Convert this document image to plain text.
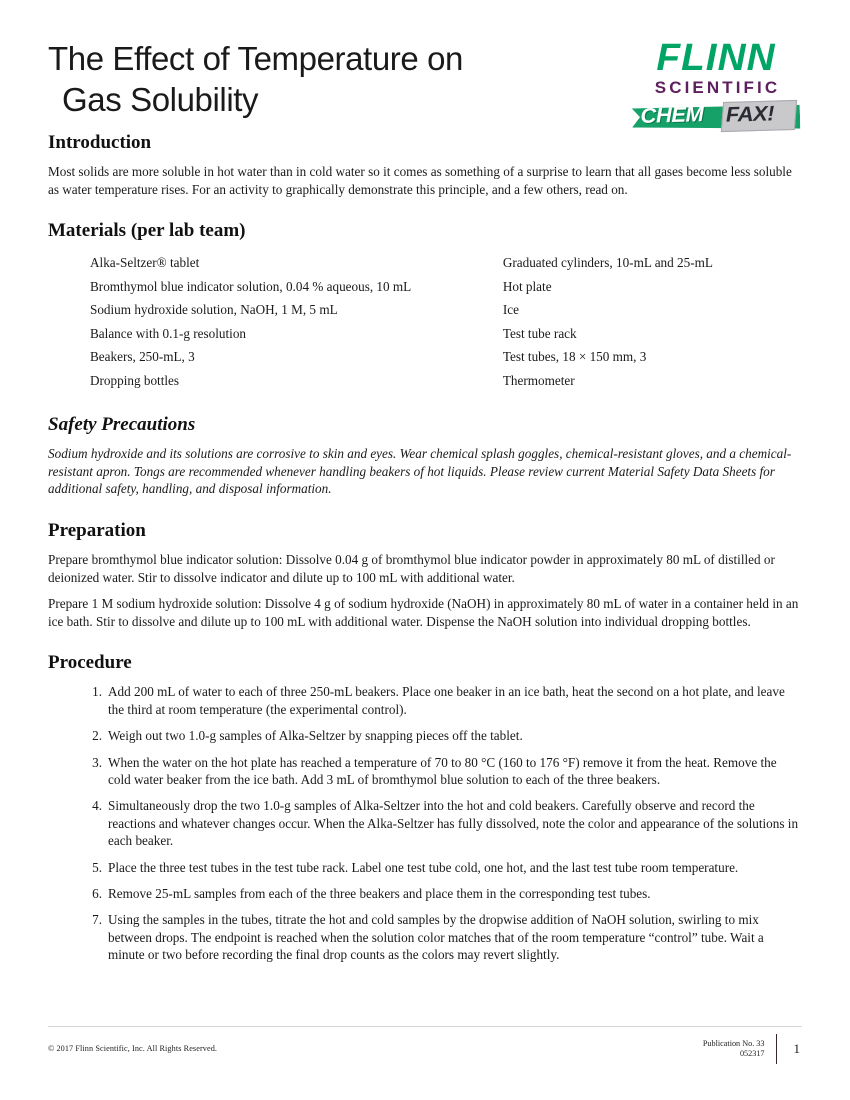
The Effect of Temperature on
Gas Solubility
FLINN
SCIENTIFIC
CHEM FAX!
Introduction

Most solids are more soluble in hot water than in cold water so it comes as something of a surprise to learn that all gases become less soluble as water temperature rises. For an activity to graphically demonstrate this principle, and a few others, read on.

Materials (per lab team)
Alka-Seltzer® tablet
Bromthymol blue indicator solution, 0.04 % aqueous, 10 mL
Sodium hydroxide solution, NaOH, 1 M, 5 mL
Balance with 0.1-g resolution
Beakers, 250-mL, 3
Dropping bottles
Graduated cylinders, 10-mL and 25-mL
Hot plate
Ice
Test tube rack
Test tubes, 18 × 150 mm, 3
Thermometer
Safety Precautions

Sodium hydroxide and its solutions are corrosive to skin and eyes. Wear chemical splash goggles, chemical-resistant gloves, and a chemical-resistant apron. Tongs are recommended whenever handling beakers of hot liquids. Please review current Material Safety Data Sheets for additional safety, handling, and disposal information.

Preparation

Prepare bromthymol blue indicator solution: Dissolve 0.04 g of bromthymol blue indicator powder in approximately 80 mL of distilled or deionized water. Stir to dissolve indicator and dilute up to 100 mL with additional water.

Prepare 1 M sodium hydroxide solution: Dissolve 4 g of sodium hydroxide (NaOH) in approximately 80 mL of water in a container held in an ice bath. Stir to dissolve and dilute up to 100 mL with additional water. Dispense the NaOH solution into individual dropping bottles.

Procedure
Add 200 mL of water to each of three 250-mL beakers. Place one beaker in an ice bath, heat the second on a hot plate, and leave the third at room temperature (the experimental control).
Weigh out two 1.0-g samples of Alka-Seltzer by snapping pieces off the tablet.
When the water on the hot plate has reached a temperature of 70 to 80 °C (160 to 176 °F) remove it from the heat. Remove the cold water beaker from the ice bath. Add 3 mL of bromthymol blue solution to each of the three beakers.
Simultaneously drop the two 1.0-g samples of Alka-Seltzer into the hot and cold beakers. Carefully observe and record the reactions and whatever changes occur. When the Alka-Seltzer has fully dissolved, note the color and appearance of the solutions in each beaker.
Place the three test tubes in the test tube rack. Label one test tube cold, one hot, and the last test tube room temperature.
Remove 25-mL samples from each of the three beakers and place them in the corresponding test tubes.
Using the samples in the tubes, titrate the hot and cold samples by the dropwise addition of NaOH solution, swirling to mix between drops. The endpoint is reached when the solution color matches that of the room temperature “control” tube. Wait a minute or two before recording the final drop counts as the colors may revert slightly.
© 2017 Flinn Scientific, Inc. All Rights Reserved.
Publication No. 33
052317	1
